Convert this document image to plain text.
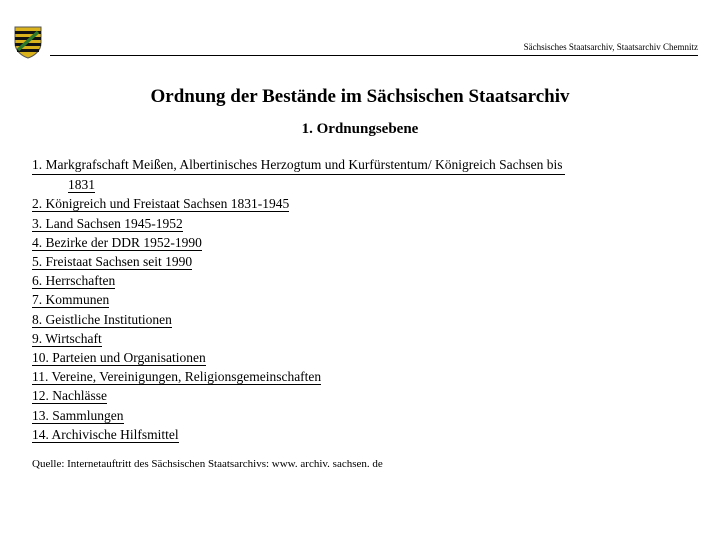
Sächsisches Staatsarchiv, Staatsarchiv Chemnitz
Ordnung der Bestände im Sächsischen Staatsarchiv
1. Ordnungsebene
1. Markgrafschaft Meißen, Albertinisches Herzogtum und Kurfürstentum/ Königreich Sachsen bis
1831
2. Königreich und Freistaat Sachsen 1831-1945
3. Land Sachsen 1945-1952
4. Bezirke der DDR 1952-1990
5. Freistaat Sachsen seit 1990
6. Herrschaften
7. Kommunen
8. Geistliche Institutionen
9. Wirtschaft
10. Parteien und Organisationen
11. Vereine, Vereinigungen, Religionsgemeinschaften
12. Nachlässe
13. Sammlungen
14. Archivische Hilfsmittel
Quelle: Internetauftritt des Sächsischen Staatsarchivs: www. archiv. sachsen. de
